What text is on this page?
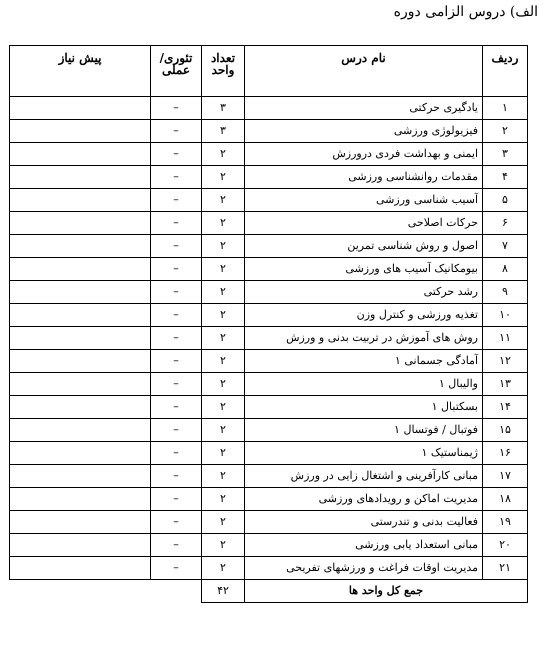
الف) دروس الزامی دوره
ردیف	نام درس	تعداد واحد	تئوری/ عملی	پیش نیاز
۱	یادگیری حرکتی	۳	–	
۲	فیزیولوژی ورزشی	۳	–	
۳	ایمنی و بهداشت فردی درورزش	۲	–	
۴	مقدمات روانشناسی ورزشی	۲	–	
۵	آسیب شناسی ورزشی	۲	–	
۶	حرکات اصلاحی	۲	–	
۷	اصول و روش شناسی تمرین	۲	–	
۸	بیومکانیک آسیب های ورزشی	۲	–	
۹	رشد حرکتی	۲	–	
۱۰	تغذیه ورزشی و کنترل وزن	۲	–	
۱۱	روش های آموزش در تربیت بدنی و ورزش	۲	–	
۱۲	آمادگی جسمانی ۱	۲	–	
۱۳	والیبال ۱	۲	–	
۱۴	بسکتبال ۱	۲	–	
۱۵	فوتبال / فوتسال ۱	۲	–	
۱۶	ژیمناستیک ۱	۲	–	
۱۷	مبانی کارآفرینی و اشتغال زایی در ورزش	۲	–	
۱۸	مدیریت اماکن و رویدادهای ورزشی	۲	–	
۱۹	فعالیت بدنی و تندرستی	۲	–	
۲۰	مبانی استعداد یابی ورزشی	۲	–	
۲۱	مدیریت اوقات فراغت و ورزشهای تفریحی	۲	–	
جمع کل واحد ها		۴۲		
